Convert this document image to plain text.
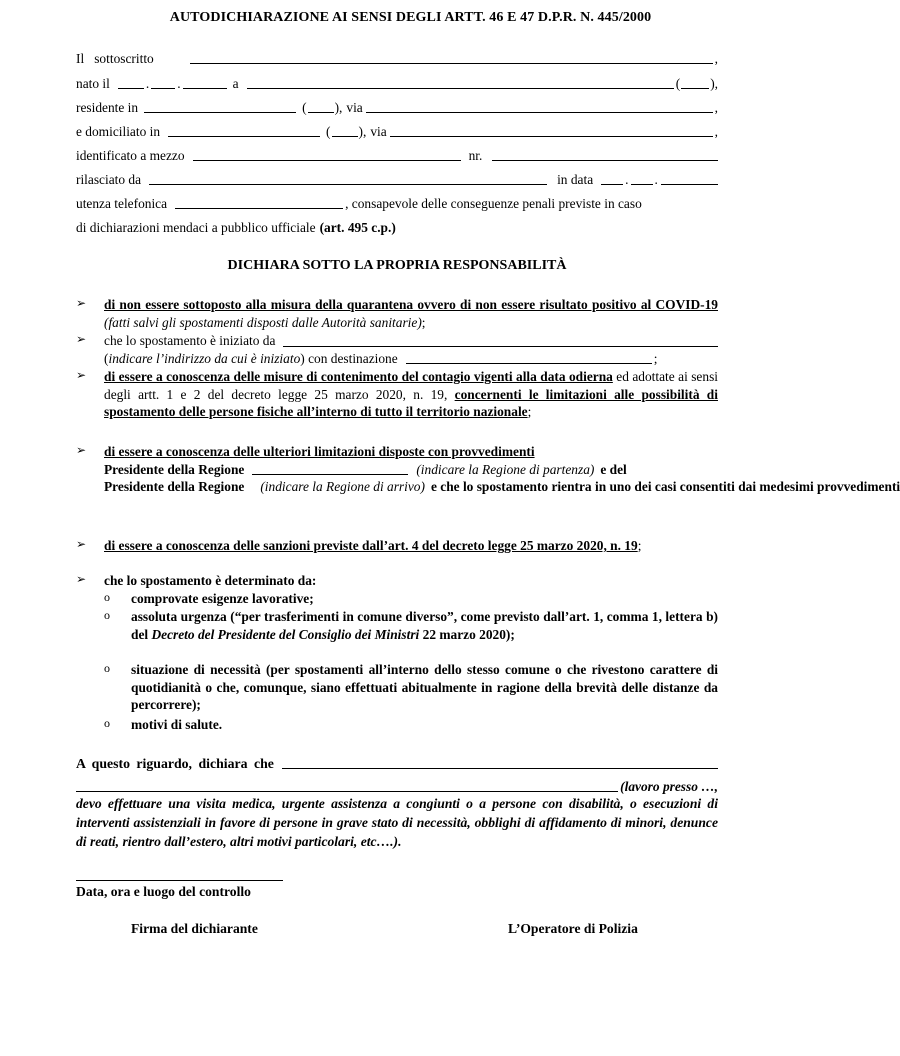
AUTODICHIARAZIONE AI SENSI DEGLI ARTT. 46 E 47 D.P.R. N. 445/2000
Il   sottoscritto	,
nato il	. .	a	( ),
residente in	( ), via	,
e domiciliato in	( ), via	,
identificato a mezzo	nr.
rilasciato da	in data . .
utenza telefonica	, consapevole delle conseguenze penali previste in caso
di dichiarazioni mendaci a pubblico ufficiale (art. 495 c.p.)
DICHIARA SOTTO LA PROPRIA RESPONSABILITÀ
➢ di non essere sottoposto alla misura della quarantena ovvero di non essere risultato positivo al COVID-19 (fatti salvi gli spostamenti disposti dalle Autorità sanitarie);
➢ che lo spostamento è iniziato da
( indicare l’indirizzo da cui è iniziato ) con destinazione	;
➢ di essere a conoscenza delle misure di contenimento del contagio vigenti alla data odierna ed adottate ai sensi degli artt. 1 e 2 del decreto legge 25 marzo 2020, n. 19, concernenti le limitazioni alle possibilità di spostamento delle persone fisiche all’interno di tutto il territorio nazionale;
➢ di essere a conoscenza delle ulteriori limitazioni disposte con provvedimenti
Presidente della Regione	(indicare la Regione di partenza) e del
Presidente della Regione (indicare la Regione di arrivo) e che lo spostamento rientra in uno dei casi consentiti dai medesimi provvedimenti
➢ di essere a conoscenza delle sanzioni previste dall’art. 4 del decreto legge 25 marzo 2020, n. 19;
➢ che lo spostamento è determinato da:
o comprovate esigenze lavorative;
o assoluta urgenza (“per trasferimenti in comune diverso”, come previsto dall’art. 1, comma 1, lettera b) del Decreto del Presidente del Consiglio dei Ministri 22 marzo 2020);
o situazione di necessità (per spostamenti all’interno dello stesso comune o che rivestono carattere di quotidianità o che, comunque, siano effettuati abitualmente in ragione della brevità delle distanze da percorrere);
o motivi di salute.
A questo riguardo, dichiara che
(lavoro presso …,
devo effettuare una visita medica, urgente assistenza a congiunti o a persone con disabilità, o esecuzioni di interventi assistenziali in favore di persone in grave stato di necessità, obblighi di affidamento di minori, denunce di reati, rientro dall’estero, altri motivi particolari, etc….).
Data, ora e luogo del controllo
Firma del dichiarante	L’Operatore di Polizia
